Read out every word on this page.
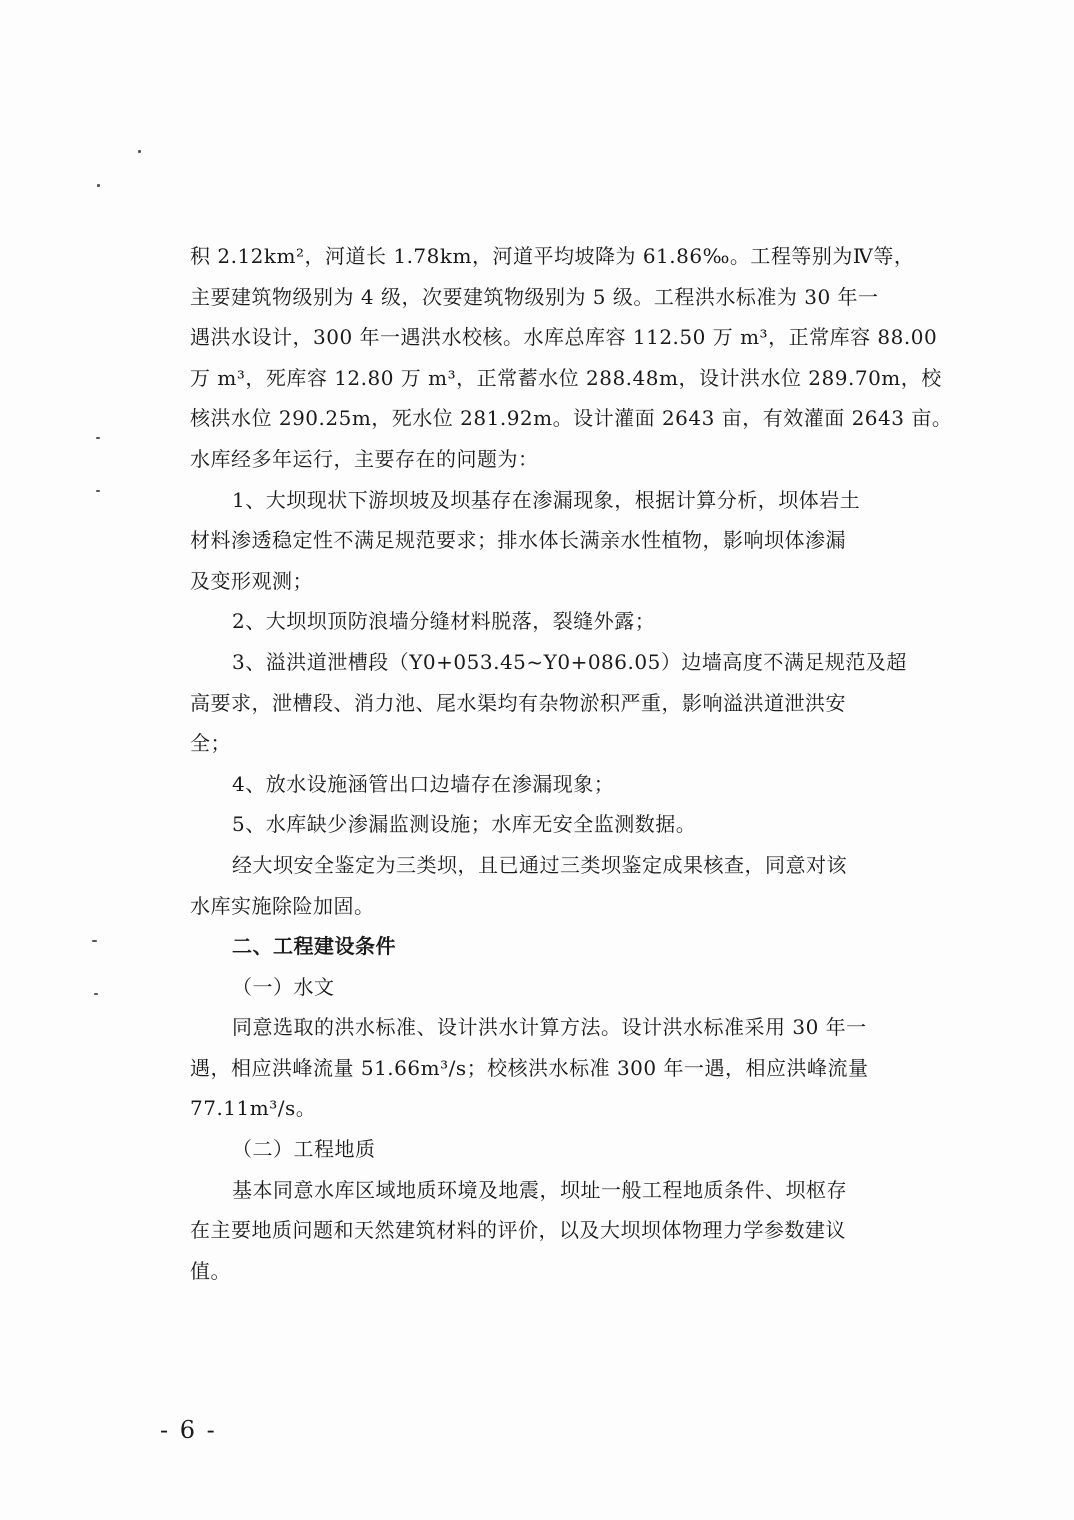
积 2.12km²，河道长 1.78km，河道平均坡降为 61.86‰。工程等别为Ⅳ等，
主要建筑物级别为 4 级，次要建筑物级别为 5 级。工程洪水标准为 30 年一
遇洪水设计，300 年一遇洪水校核。水库总库容 112.50 万 m³，正常库容 88.00
万 m³，死库容 12.80 万 m³，正常蓄水位 288.48m，设计洪水位 289.70m，校
核洪水位 290.25m，死水位 281.92m。设计灌面 2643 亩，有效灌面 2643 亩。
水库经多年运行，主要存在的问题为：
1、大坝现状下游坝坡及坝基存在渗漏现象，根据计算分析，坝体岩土
材料渗透稳定性不满足规范要求；排水体长满亲水性植物，影响坝体渗漏
及变形观测；
2、大坝坝顶防浪墙分缝材料脱落，裂缝外露；
3、溢洪道泄槽段（Y0+053.45~Y0+086.05）边墙高度不满足规范及超
高要求，泄槽段、消力池、尾水渠均有杂物淤积严重，影响溢洪道泄洪安
全；
4、放水设施涵管出口边墙存在渗漏现象；
5、水库缺少渗漏监测设施；水库无安全监测数据。
经大坝安全鉴定为三类坝，且已通过三类坝鉴定成果核查，同意对该
水库实施除险加固。
二、工程建设条件
（一）水文
同意选取的洪水标准、设计洪水计算方法。设计洪水标准采用 30 年一
遇，相应洪峰流量 51.66m³/s；校核洪水标准 300 年一遇，相应洪峰流量
77.11m³/s。
（二）工程地质
基本同意水库区域地质环境及地震，坝址一般工程地质条件、坝枢存
在主要地质问题和天然建筑材料的评价，以及大坝坝体物理力学参数建议
值。
- 6 -
